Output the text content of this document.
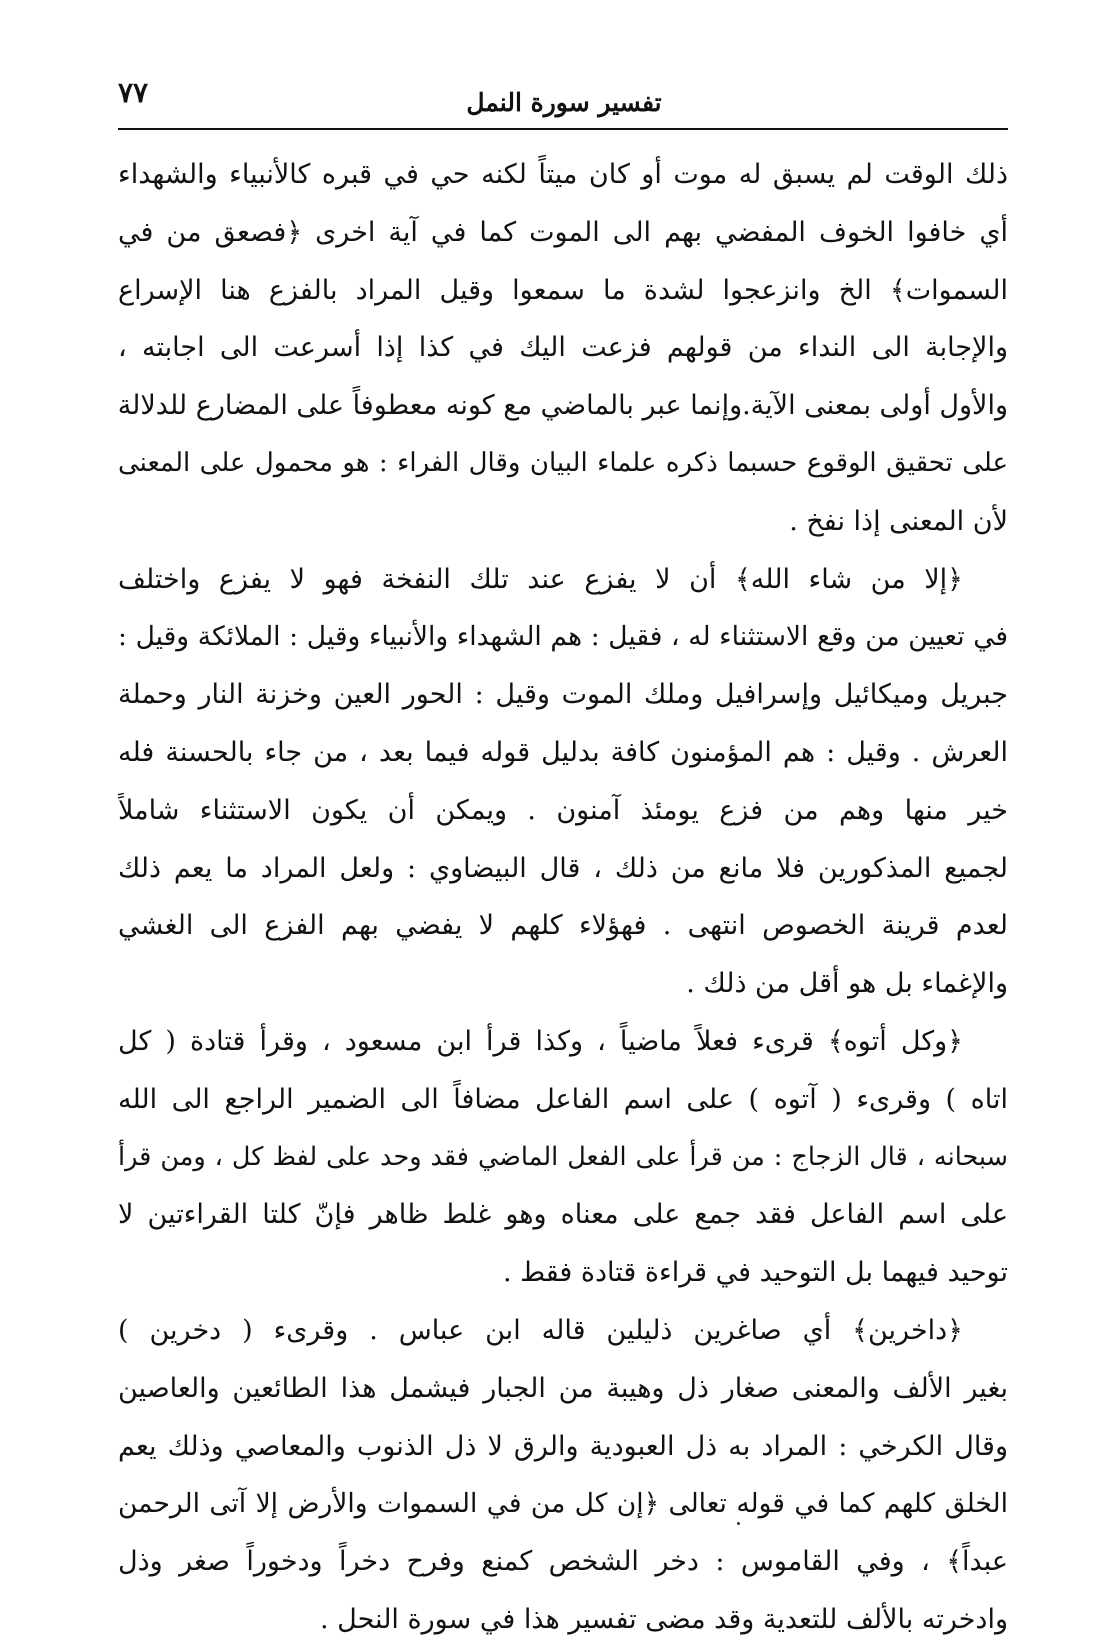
٧٧	تفسير سورة النمل
ذلك الوقت لم يسبق له موت أو كان ميتاً لكنه حي في قبره كالأنبياء والشهداء
أي خافوا الخوف المفضي بهم الى الموت كما في آية اخرى ﴿فصعق من في
السموات﴾ الخ وانزعجوا لشدة ما سمعوا وقيل المراد بالفزع هنا الإسراع
والإجابة الى النداء من قولهم فزعت اليك في كذا إذا أسرعت الى اجابته ،
والأول أولى بمعنى الآية.وإنما عبر بالماضي مع كونه معطوفاً على المضارع للدلالة
على تحقيق الوقوع حسبما ذكره علماء البيان وقال الفراء : هو محمول على المعنى
لأن المعنى إذا نفخ .
﴿إلا من شاء الله﴾ أن لا يفزع عند تلك النفخة فهو لا يفزع واختلف
في تعيين من وقع الاستثناء له ، فقيل : هم الشهداء والأنبياء وقيل : الملائكة وقيل :
جبريل وميكائيل وإسرافيل وملك الموت وقيل : الحور العين وخزنة النار وحملة
العرش . وقيل : هم المؤمنون كافة بدليل قوله فيما بعد ، من جاء بالحسنة فله
خير منها وهم من فزع يومئذ آمنون . ويمكن أن يكون الاستثناء شاملاً
لجميع المذكورين فلا مانع من ذلك ، قال البيضاوي : ولعل المراد ما يعم ذلك
لعدم قرينة الخصوص انتهى . فهؤلاء كلهم لا يفضي بهم الفزع الى الغشي
والإغماء بل هو أقل من ذلك .
﴿وكل أتوه﴾ قرىء فعلاً ماضياً ، وكذا قرأ ابن مسعود ، وقرأ قتادة ( كل
اتاه ) وقرىء ( آتوه ) على اسم الفاعل مضافاً الى الضمير الراجع الى الله
سبحانه ، قال الزجاج : من قرأ على الفعل الماضي فقد وحد على لفظ كل ، ومن قرأ
على اسم الفاعل فقد جمع على معناه وهو غلط ظاهر فإنّ كلتا القراءتين لا
توحيد فيهما بل التوحيد في قراءة قتادة فقط .
﴿داخرين﴾ أي صاغرين ذليلين قاله ابن عباس . وقرىء ( دخرين )
بغير الألف والمعنى صغار ذل وهيبة من الجبار فيشمل هذا الطائعين والعاصين
وقال الكرخي : المراد به ذل العبودية والرق لا ذل الذنوب والمعاصي وذلك يعم
الخلق كلهم كما في قوله تعالى ﴿إن كل من في السموات والأرض إلا آتى الرحمن
عبداً﴾ ، وفي القاموس : دخر الشخص كمنع وفرح دخراً ودخوراً صغر وذل
وادخرته بالألف للتعدية وقد مضى تفسير هذا في سورة النحل .
